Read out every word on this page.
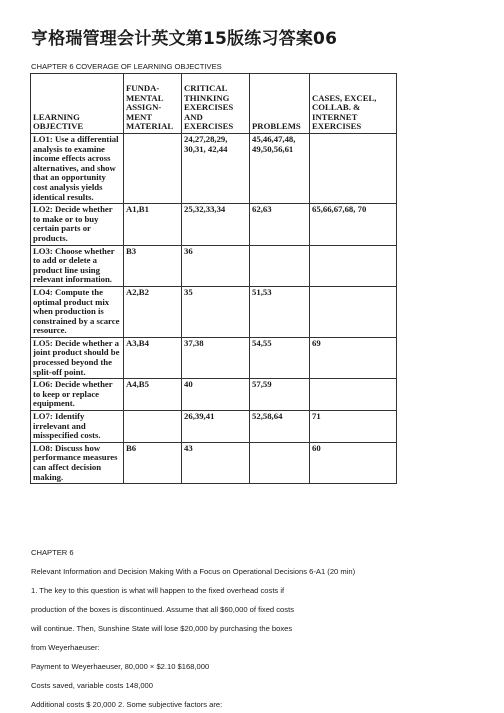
亨格瑞管理会计英文第15版练习答案06
CHAPTER 6 COVERAGE OF LEARNING OBJECTIVES
LEARNING OBJECTIVE	FUNDA-MENTAL ASSIGN-MENT MATERIAL	CRITICAL THINKING EXERCISES AND EXERCISES	PROBLEMS	CASES, EXCEL, COLLAB. & INTERNET EXERCISES
LO1: Use a differential analysis to examine income effects across alternatives, and show that an opportunity cost analysis yields identical results.		24,27,28,29, 30,31, 42,44	45,46,47,48, 49,50,56,61	
LO2: Decide whether to make or to buy certain parts or products.	A1,B1	25,32,33,34	62,63	65,66,67,68, 70
LO3: Choose whether to add or delete a product line using relevant information.	B3	36		
LO4: Compute the optimal product mix when production is constrained by a scarce resource.	A2,B2	35	51,53	
LO5: Decide whether a joint product should be processed beyond the split-off point.	A3,B4	37,38	54,55	69
LO6: Decide whether to keep or replace equipment.	A4,B5	40	57,59	
LO7: Identify irrelevant and misspecified costs.		26,39,41	52,58,64	71
LO8: Discuss how performance measures can affect decision making.	B6	43		60
CHAPTER 6
Relevant Information and Decision Making With a Focus on Operational Decisions 6-A1 (20 min)
1. The key to this question is what will happen to the fixed overhead costs if
production of the boxes is discontinued. Assume that all $60,000 of fixed costs
will continue. Then, Sunshine State will lose $20,000 by purchasing the boxes
from Weyerhaeuser:
Payment to Weyerhaeuser, 80,000 × $2.10 $168,000
Costs saved, variable costs 148,000
Additional costs $ 20,000 2. Some subjective factors are:
